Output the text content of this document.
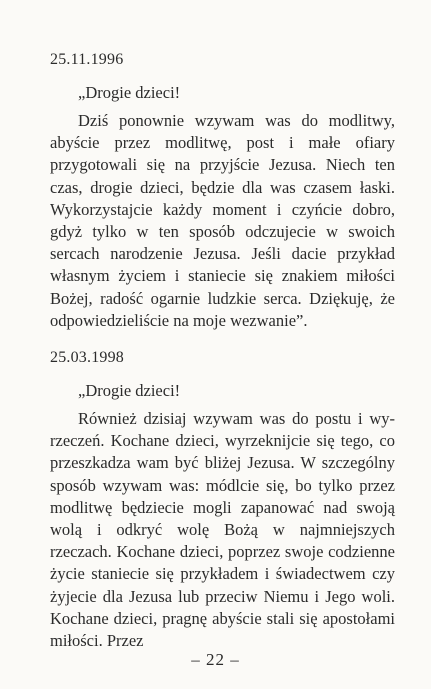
25.11.1996
„Drogie dzieci!
Dziś ponownie wzywam was do modlitwy, abyście przez modlitwę, post i małe ofiary przygotowali się na przyjście Jezusa. Niech ten czas, drogie dzieci, będzie dla was czasem łaski. Wykorzystajcie każdy moment i czyńcie dobro, gdyż tylko w ten sposób odczujecie w swoich sercach narodzenie Jezusa. Jeśli dacie przykład własnym życiem i staniecie się znakiem miłości Bożej, radość ogarnie ludzkie serca. Dziękuję, że odpowiedzieliście na moje wezwanie”.
25.03.1998
„Drogie dzieci!
Również dzisiaj wzywam was do postu i wyrzeczeń. Kochane dzieci, wyrzeknijcie się tego, co przeszkadza wam być bliżej Jezusa. W szczególny sposób wzywam was: módlcie się, bo tylko przez modlitwę będziecie mogli zapanować nad swoją wolą i odkryć wolę Bożą w najmniejszych rzeczach. Kochane dzieci, poprzez swoje codzienne życie staniecie się przykładem i świadectwem czy żyjecie dla Jezusa lub przeciw Niemu i Jego woli. Kochane dzieci, pragnę abyście stali się apostołami miłości. Przez
– 22 –
